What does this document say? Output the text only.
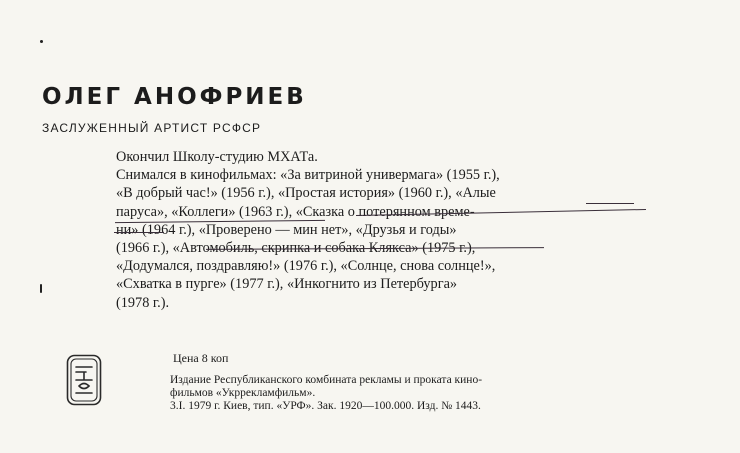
ОЛЕГ АНОФРИЕВ
ЗАСЛУЖЕННЫЙ АРТИСТ РСФСР
Окончил Школу-студию МХАТа.
Снимался в кинофильмах: «За витриной универмага» (1955 г.),
«В добрый час!» (1956 г.), «Простая история» (1960 г.), «Алые
паруса», «Коллеги» (1963 г.), «Сказка о потерянном време-
ни» (1964 г.), «Проверено — мин нет», «Друзья и годы»
(1966 г.), «Автомобиль, скрипка и собака Клякса» (1975 г.),
«Додумался, поздравляю!» (1976 г.), «Солнце, снова солнце!»,
«Схватка в пурге» (1977 г.), «Инкогнито из Петербурга»
(1978 г.).
Цена 8 коп
Издание Республиканского комбината рекламы и проката кино-
фильмов «Укррекламфильм».
3.I. 1979 г. Киев, тип. «УРФ». Зак. 1920—100.000. Изд. № 1443.
